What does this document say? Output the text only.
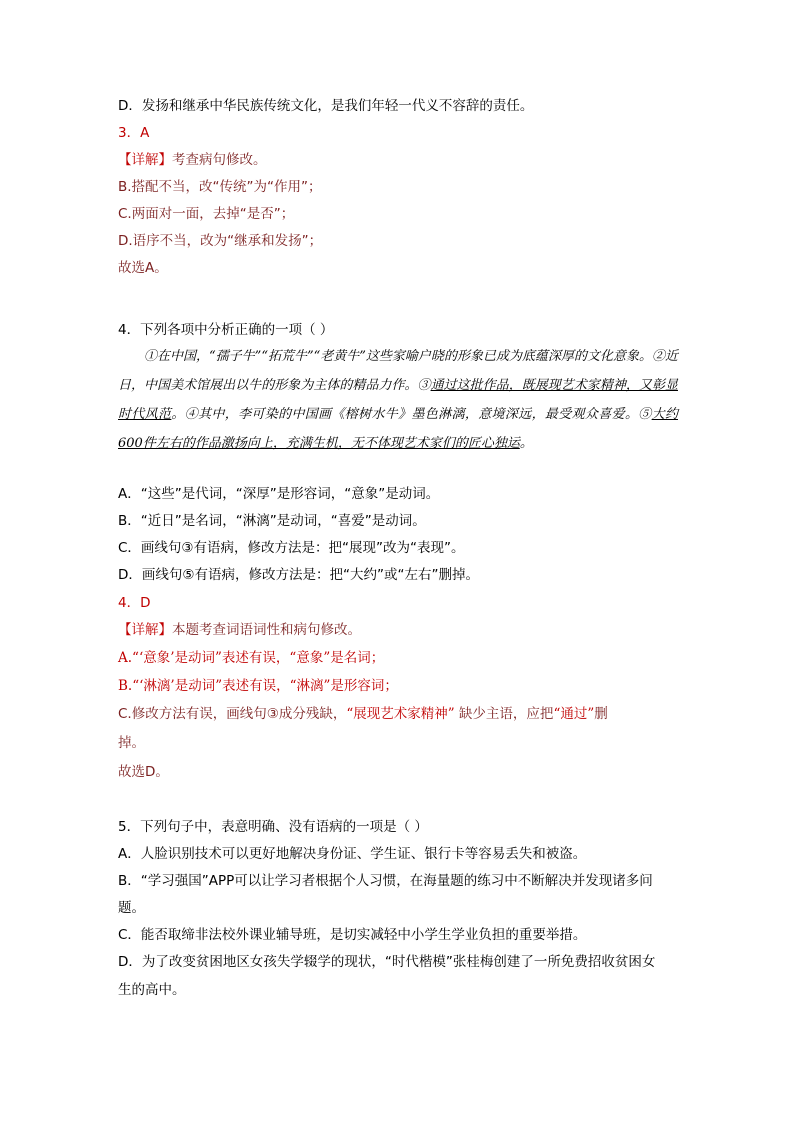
D．发扬和继承中华民族传统文化，是我们年轻一代义不容辞的责任。
3．A
【详解】考查病句修改。
B.搭配不当，改“传统”为“作用”；
C.两面对一面，去掉“是否”；
D.语序不当，改为“继承和发扬”；
故选A。
4．下列各项中分析正确的一项（ ）
①在中国，“孺子牛”“拓荒牛”“老黄牛”这些家喻户晓的形象已成为底蕴深厚的文化意象。②近日，中国美术馆展出以牛的形象为主体的精品力作。③通过这批作品，既展现艺术家精神，又彰显时代风范。④其中，李可染的中国画《榕树水牛》墨色淋漓，意境深远，最受观众喜爱。⑤大约600件左右的作品激扬向上，充满生机，无不体现艺术家们的匠心独运。
A．“这些”是代词，“深厚”是形容词，“意象”是动词。
B．“近日”是名词，“淋漓”是动词，“喜爱”是动词。
C．画线句③有语病，修改方法是：把“展现”改为“表现”。
D．画线句⑤有语病，修改方法是：把“大约”或“左右”删掉。
4．D
【详解】本题考查词语词性和病句修改。
A.“‘意象’是动词”表述有误，“意象”是名词；
B.“‘淋漓’是动词”表述有误，“淋漓”是形容词；
C.修改方法有误，画线句③成分残缺，“展现艺术家精神” 缺少主语，应把“通过”删
掉。
故选D。
5．下列句子中，表意明确、没有语病的一项是（ ）
A．人脸识别技术可以更好地解决身份证、学生证、银行卡等容易丢失和被盗。
B．“学习强国”APP可以让学习者根据个人习惯，在海量题的练习中不断解决并发现诸多问
题。
C．能否取缔非法校外课业辅导班，是切实减轻中小学生学业负担的重要举措。
D．为了改变贫困地区女孩失学辍学的现状，“时代楷模”张桂梅创建了一所免费招收贫困女
生的高中。
